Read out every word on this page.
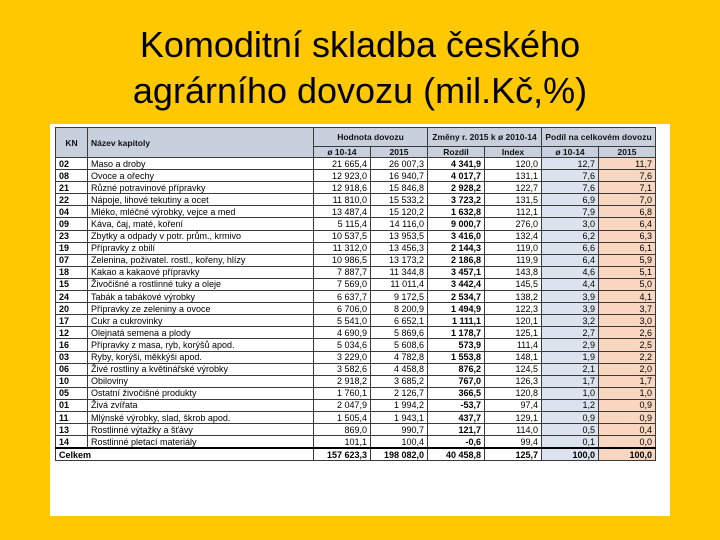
Komoditní skladba českého
agrárního dovozu (mil.Kč,%)
KN	Název kapitoly	Hodnota dovozu		Změny r. 2015 k ø 2010-14		Podíl na celkovém dovozu	
		ø 10-14	2015	Rozdíl	Index	ø 10-14	2015
02	Maso a droby	21 665,4	26 007,3	4 341,9	120,0	12,7	11,7
08	Ovoce a ořechy	12 923,0	16 940,7	4 017,7	131,1	7,6	7,6
21	Různé potravinové přípravky	12 918,6	15 846,8	2 928,2	122,7	7,6	7,1
22	Nápoje, lihové tekutiny a ocet	11 810,0	15 533,2	3 723,2	131,5	6,9	7,0
04	Mléko, mléčné výrobky, vejce a med	13 487,4	15 120,2	1 632,8	112,1	7,9	6,8
09	Káva, čaj, maté, koření	5 115,4	14 116,0	9 000,7	276,0	3,0	6,4
23	Zbytky a odpady v potr. prům., krmivo	10 537,5	13 953,5	3 416,0	132,4	6,2	6,3
19	Přípravky z obilí	11 312,0	13 456,3	2 144,3	119,0	6,6	6,1
07	Zelenina, poživatel. rostl., kořeny, hlízy	10 986,5	13 173,2	2 186,8	119,9	6,4	5,9
18	Kakao a kakaové přípravky	7 887,7	11 344,8	3 457,1	143,8	4,6	5,1
15	Živočišné a rostlinné tuky a oleje	7 569,0	11 011,4	3 442,4	145,5	4,4	5,0
24	Tabák a tabákové výrobky	6 637,7	9 172,5	2 534,7	138,2	3,9	4,1
20	Přípravky ze zeleniny a ovoce	6 706,0	8 200,9	1 494,9	122,3	3,9	3,7
17	Cukr a cukrovinky	5 541,0	6 652,1	1 111,1	120,1	3,2	3,0
12	Olejnatá semena a plody	4 690,9	5 869,6	1 178,7	125,1	2,7	2,6
16	Přípravky z masa, ryb, korýšů apod.	5 034,6	5 608,6	573,9	111,4	2,9	2,5
03	Ryby, korýši, měkkýši apod.	3 229,0	4 782,8	1 553,8	148,1	1,9	2,2
06	Živé rostliny a květinářské výrobky	3 582,6	4 458,8	876,2	124,5	2,1	2,0
10	Obiloviny	2 918,2	3 685,2	767,0	126,3	1,7	1,7
05	Ostatní živočišné produkty	1 760,1	2 126,7	366,5	120,8	1,0	1,0
01	Živá zvířata	2 047,9	1 994,2	-53,7	97,4	1,2	0,9
11	Mlýnské výrobky, slad, škrob apod.	1 505,4	1 943,1	437,7	129,1	0,9	0,9
13	Rostlinné výtažky a šťávy	869,0	990,7	121,7	114,0	0,5	0,4
14	Rostlinné pletací materiály	101,1	100,4	-0,6	99,4	0,1	0,0
Celkem		157 623,3	198 082,0	40 458,8	125,7	100,0	100,0
